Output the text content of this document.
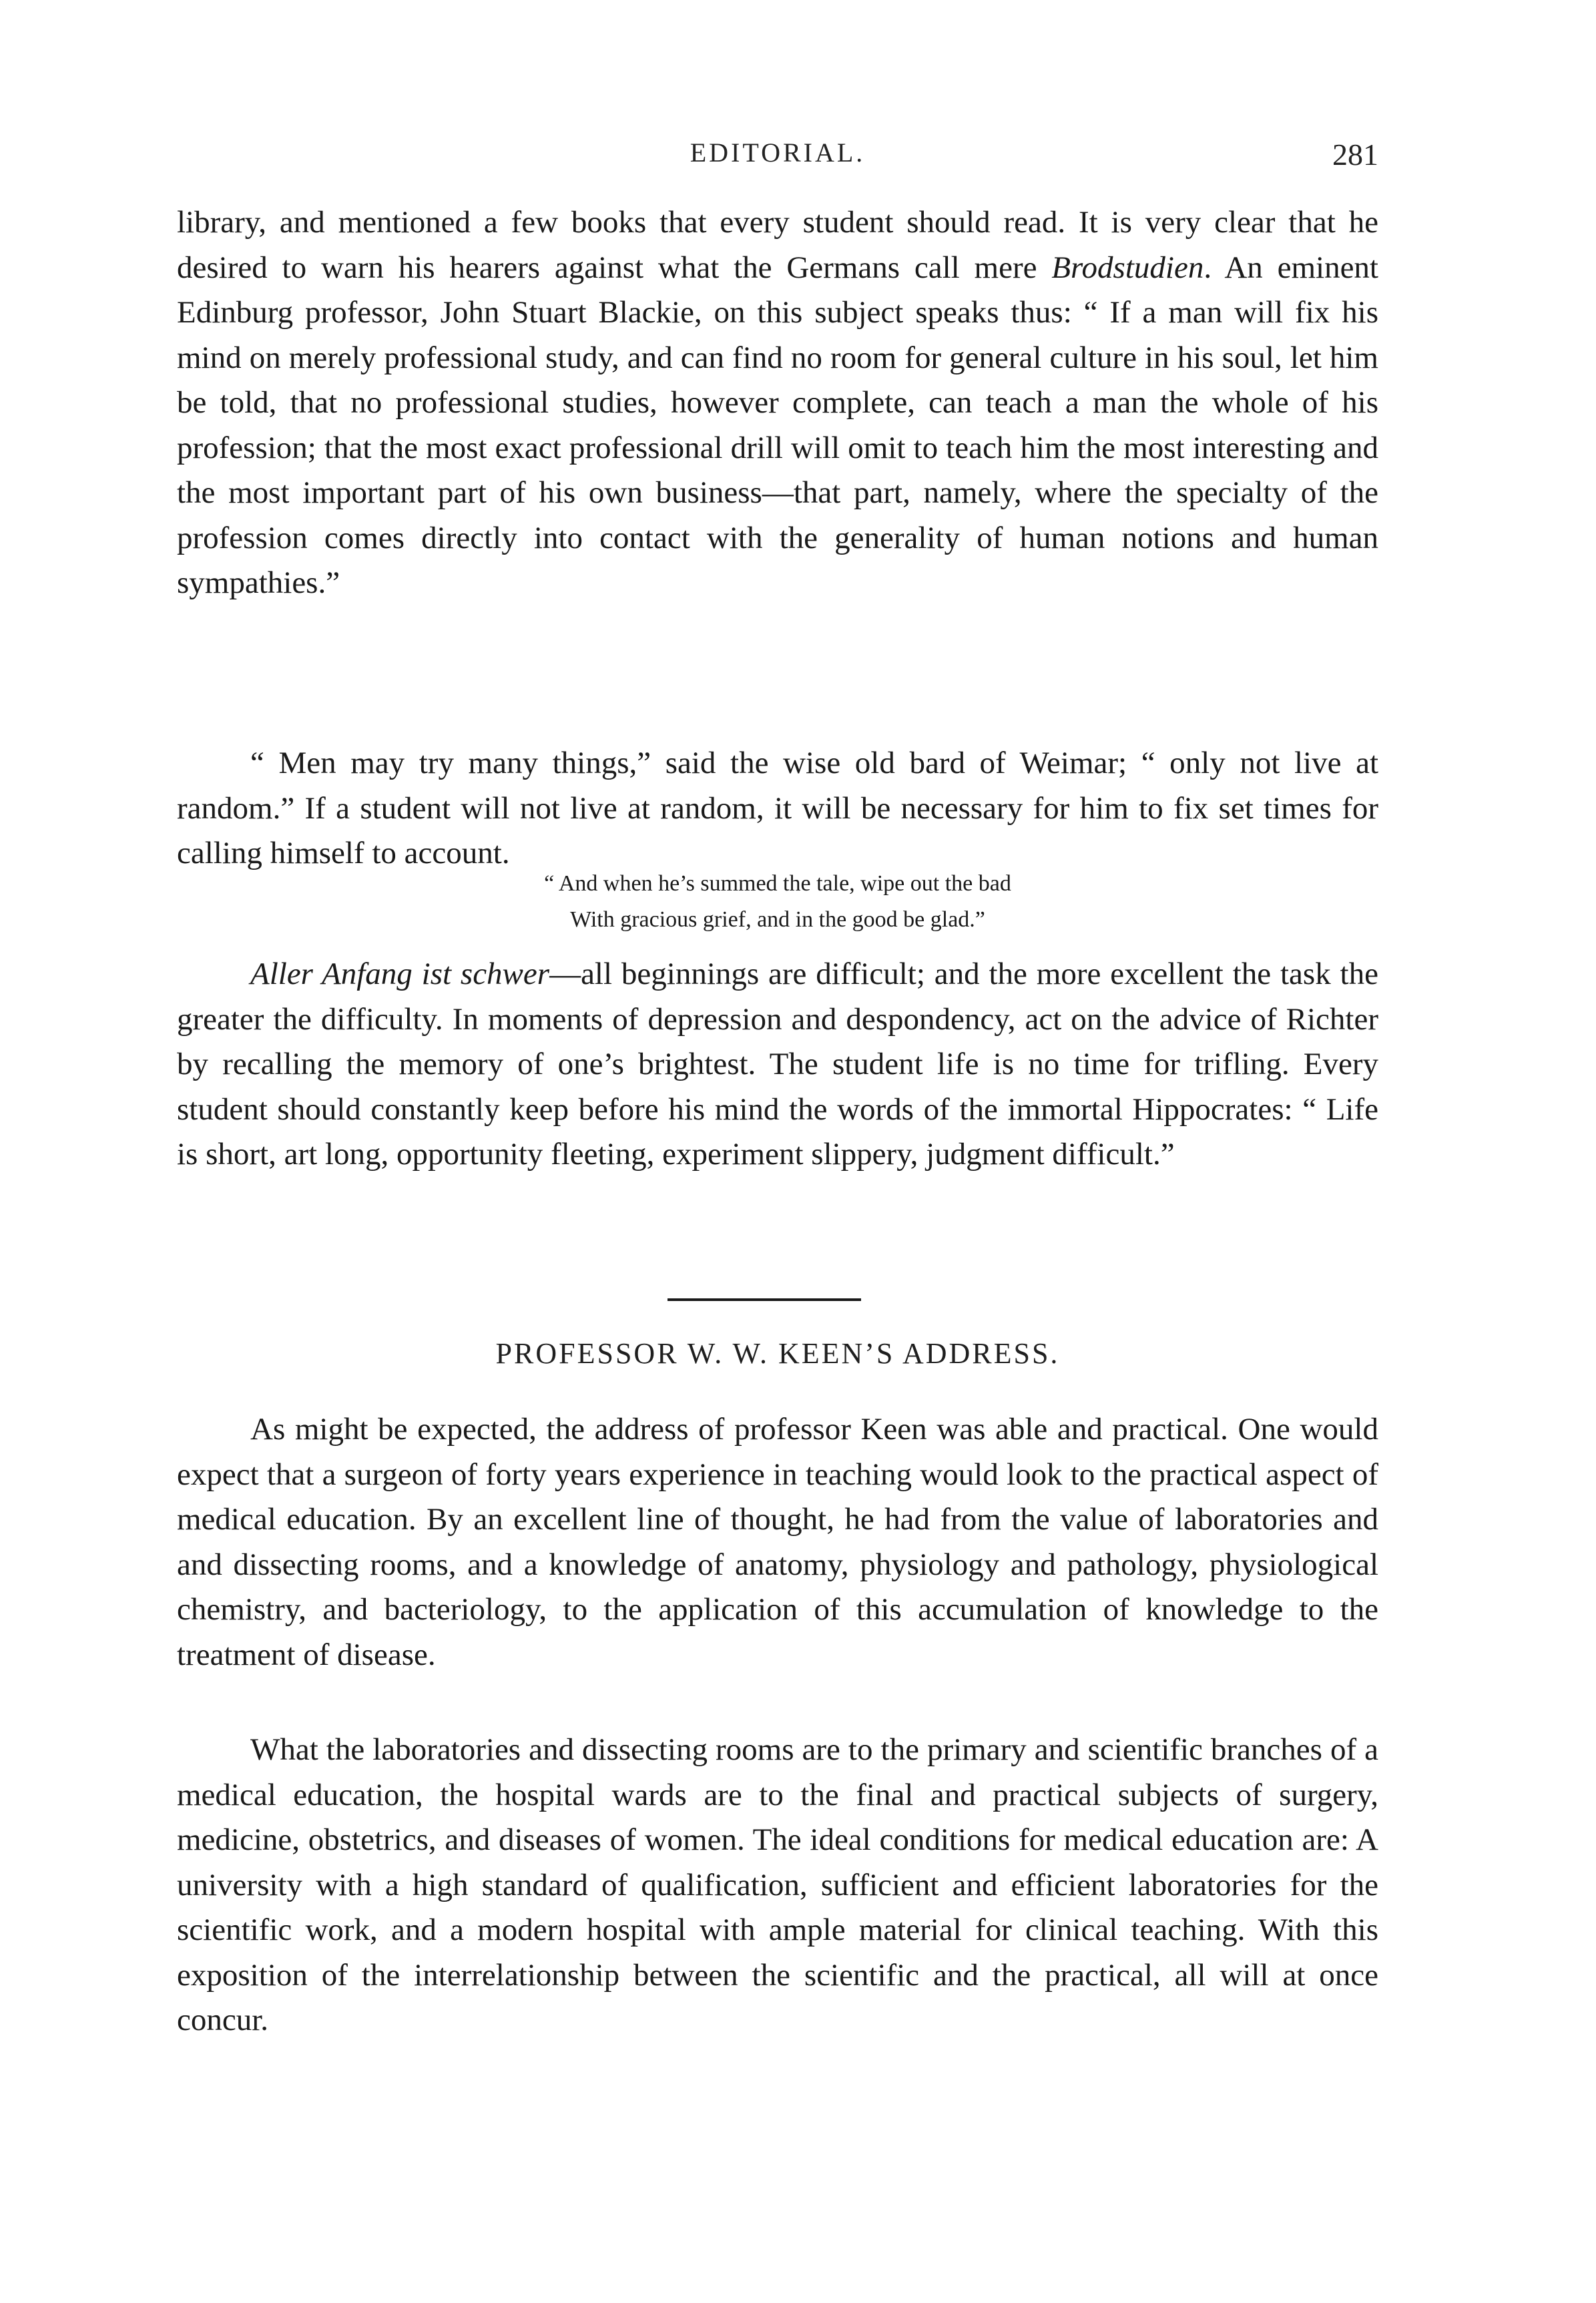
EDITORIAL.	281

library, and mentioned a few books that every student should read. It is very clear that he desired to warn his hearers against what the Germans call mere Brodstudien. An eminent Edinburg professor, John Stuart Blackie, on this subject speaks thus: “ If a man will fix his mind on merely professional study, and can find no room for general culture in his soul, let him be told, that no professional studies, however complete, can teach a man the whole of his profession; that the most exact professional drill will omit to teach him the most interesting and the most important part of his own business—that part, namely, where the specialty of the profession comes directly into contact with the generality of human notions and human sympathies.”

“ Men may try many things,” said the wise old bard of Weimar; “ only not live at random.” If a student will not live at random, it will be necessary for him to fix set times for calling himself to account.

“ And when he’s summed the tale, wipe out the bad

With gracious grief, and in the good be glad.”

Aller Anfang ist schwer—all beginnings are difficult; and the more excellent the task the greater the difficulty. In moments of depression and despondency, act on the advice of Richter by recalling the memory of one’s brightest. The student life is no time for trifling. Every student should constantly keep before his mind the words of the immortal Hippocrates: “ Life is short, art long, opportunity fleeting, experiment slippery, judgment difficult.”

PROFESSOR W. W. KEEN’S ADDRESS.

As might be expected, the address of professor Keen was able and practical. One would expect that a surgeon of forty years experience in teaching would look to the practical aspect of medical education. By an excellent line of thought, he had from the value of laboratories and and dissecting rooms, and a knowledge of anatomy, physiology and pathology, physiological chemistry, and bacteriology, to the application of this accumulation of knowledge to the treatment of disease.

What the laboratories and dissecting rooms are to the primary and scientific branches of a medical education, the hospital wards are to the final and practical subjects of surgery, medicine, obstetrics, and diseases of women. The ideal conditions for medical education are: A university with a high standard of qualification, sufficient and efficient laboratories for the scientific work, and a modern hospital with ample material for clinical teaching. With this exposition of the interrelationship between the scientific and the practical, all will at once concur.
